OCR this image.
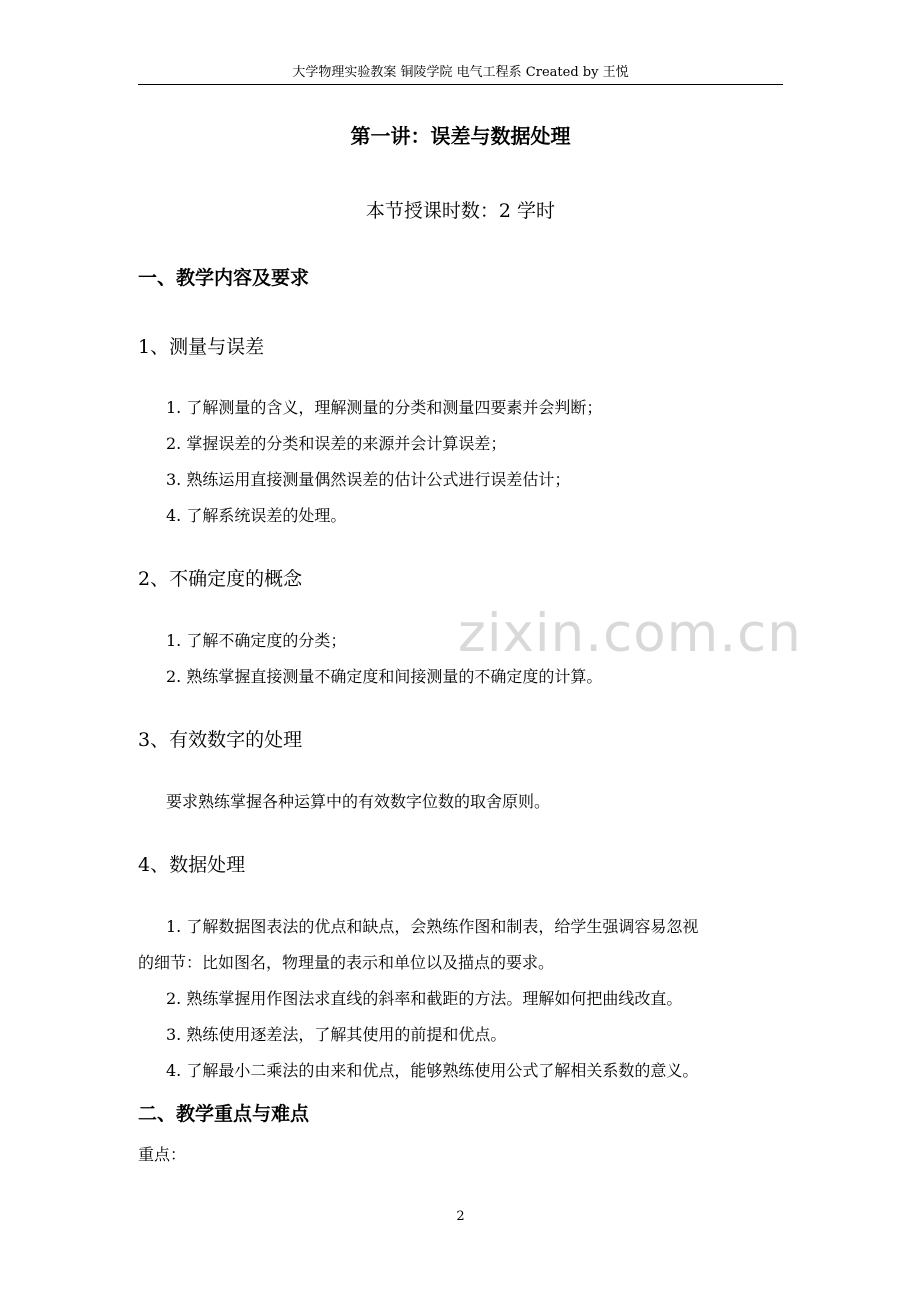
大学物理实验教案 铜陵学院 电气工程系 Created by 王悦
第一讲：误差与数据处理
本节授课时数：2 学时
一、教学内容及要求
1、测量与误差
1. 了解测量的含义，理解测量的分类和测量四要素并会判断；
2. 掌握误差的分类和误差的来源并会计算误差；
3. 熟练运用直接测量偶然误差的估计公式进行误差估计；
4. 了解系统误差的处理。
2、不确定度的概念
1. 了解不确定度的分类；
2. 熟练掌握直接测量不确定度和间接测量的不确定度的计算。
3、有效数字的处理
要求熟练掌握各种运算中的有效数字位数的取舍原则。
4、数据处理
1. 了解数据图表法的优点和缺点，会熟练作图和制表，给学生强调容易忽视
的细节：比如图名，物理量的表示和单位以及描点的要求。
2. 熟练掌握用作图法求直线的斜率和截距的方法。理解如何把曲线改直。
3. 熟练使用逐差法，了解其使用的前提和优点。
4. 了解最小二乘法的由来和优点，能够熟练使用公式了解相关系数的意义。
二、教学重点与难点
重点：
zixin.com.cn
2
